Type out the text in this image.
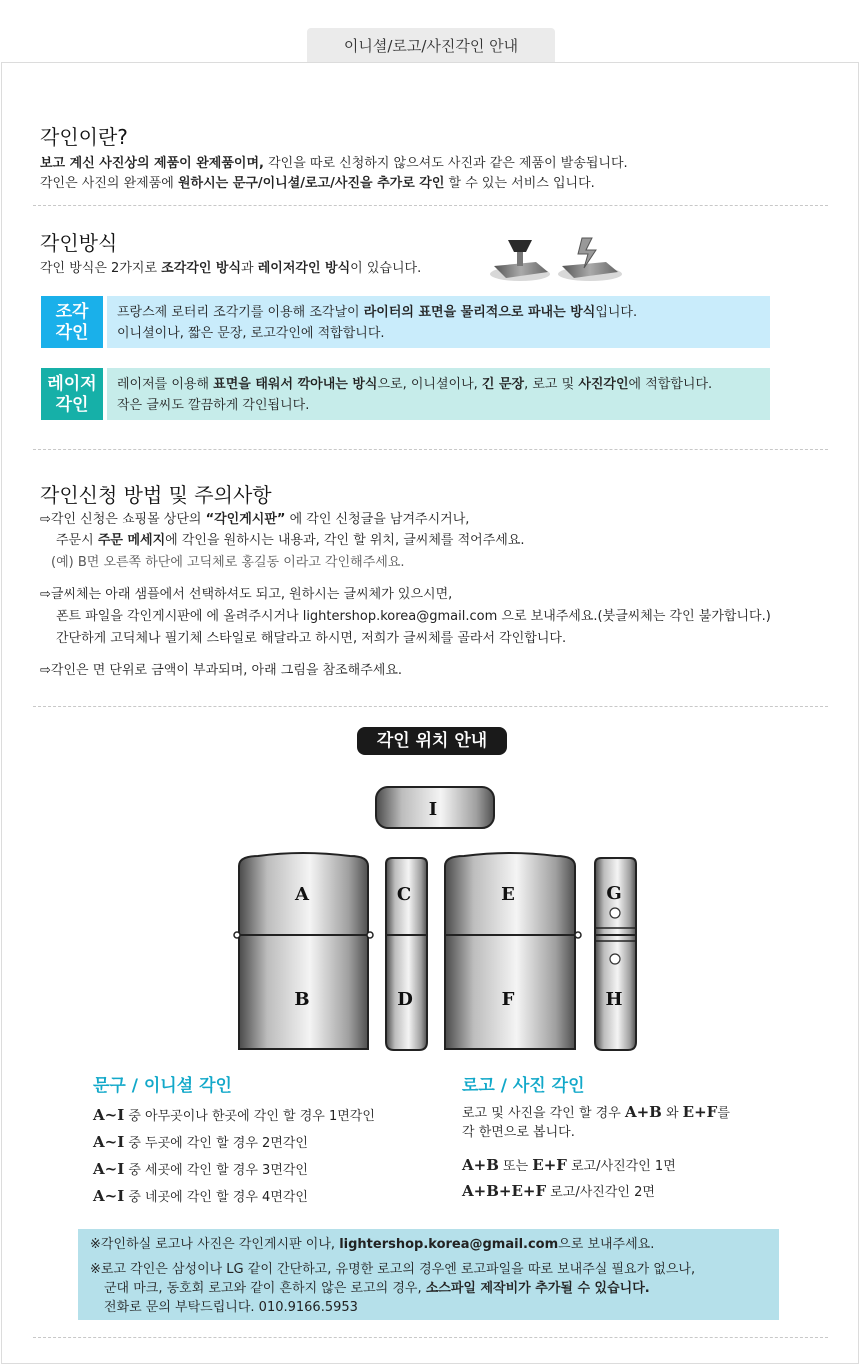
이니셜/로고/사진각인 안내
각인이란?
보고 계신 사진상의 제품이 완제품이며, 각인을 따로 신청하지 않으셔도 사진과 같은 제품이 발송됩니다.
각인은 사진의 완제품에 원하시는 문구/이니셜/로고/사진을 추가로 각인 할 수 있는 서비스 입니다.
각인방식
각인 방식은 2가지로 조각각인 방식과 레이저각인 방식이 있습니다.
조각
각인
프랑스제 로터리 조각기를 이용해 조각날이 라이터의 표면을 물리적으로 파내는 방식입니다.
이니셜이나, 짧은 문장, 로고각인에 적합합니다.
레이저
각인
레이저를 이용해 표면을 태워서 깍아내는 방식으로, 이니셜이나, 긴 문장, 로고 및 사진각인에 적합합니다.
작은 글씨도 깔끔하게 각인됩니다.
각인신청 방법 및 주의사항
⇨각인 신청은 쇼핑몰 상단의 “각인게시판” 에 각인 신청글을 남겨주시거나,
주문시 주문 메세지에 각인을 원하시는 내용과, 각인 할 위치, 글씨체를 적어주세요.
(예) B면 오른쪽 하단에 고딕체로 홍길동 이라고 각인해주세요.
⇨글씨체는 아래 샘플에서 선택하셔도 되고, 원하시는 글씨체가 있으시면,
폰트 파일을 각인게시판에 에 올려주시거나 lightershop.korea@gmail.com 으로 보내주세요.(붓글씨체는 각인 불가합니다.)
간단하게 고딕체나 필기체 스타일로 해달라고 하시면, 저희가 글씨체를 골라서 각인합니다.
⇨각인은 면 단위로 금액이 부과되며, 아래 그림을 참조해주세요.
각인 위치 안내
I
A
B
C
D
E
F
G
H
문구 / 이니셜 각인
A~I 중 아무곳이나 한곳에 각인 할 경우 1면각인
A~I 중 두곳에 각인 할 경우 2면각인
A~I 중 세곳에 각인 할 경우 3면각인
A~I 중 네곳에 각인 할 경우 4면각인
로고 / 사진 각인
로고 및 사진을 각인 할 경우 A+B 와 E+F를
각 한면으로 봅니다.
A+B 또는 E+F 로고/사진각인 1면
A+B+E+F 로고/사진각인 2면
※각인하실 로고나 사진은 각인게시판 이나, lightershop.korea@gmail.com으로 보내주세요.
※로고 각인은 삼성이나 LG 같이 간단하고, 유명한 로고의 경우엔 로고파일을 따로 보내주실 필요가 없으나,
군대 마크, 동호회 로고와 같이 흔하지 않은 로고의 경우, 소스파일 제작비가 추가될 수 있습니다.
전화로 문의 부탁드립니다. 010.9166.5953
